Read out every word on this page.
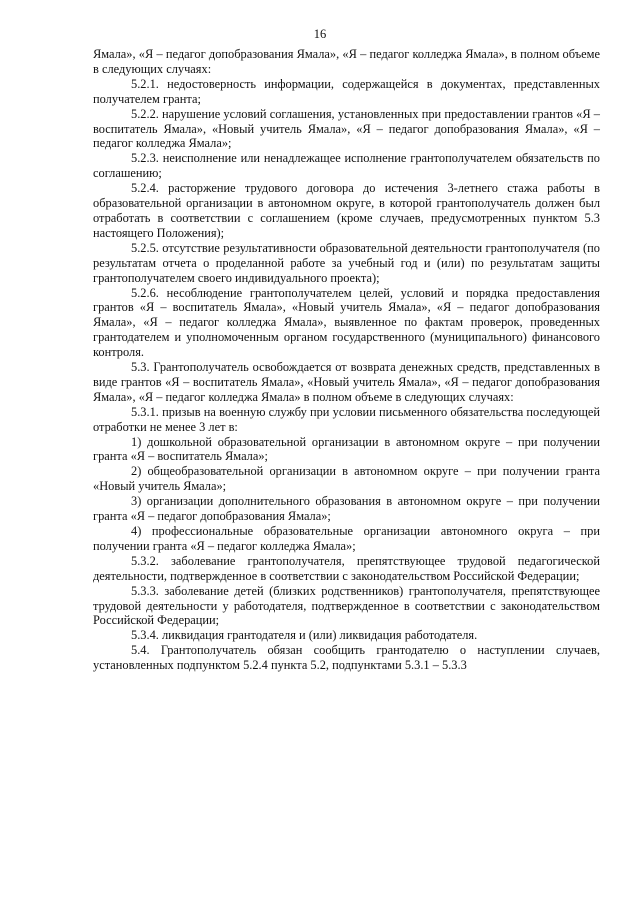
16

Ямала», «Я – педагог допобразования Ямала», «Я – педагог колледжа Ямала», в полном объеме в следующих случаях:

5.2.1. недостоверность информации, содержащейся в документах, представленных получателем гранта;

5.2.2. нарушение условий соглашения, установленных при предоставлении грантов «Я – воспитатель Ямала», «Новый учитель Ямала», «Я – педагог допобразования Ямала», «Я – педагог колледжа Ямала»;

5.2.3. неисполнение или ненадлежащее исполнение грантополучателем обязательств по соглашению;

5.2.4. расторжение трудового договора до истечения 3-летнего стажа работы в образовательной организации в автономном округе, в которой грантополучатель должен был отработать в соответствии с соглашением (кроме случаев, предусмотренных пунктом 5.3 настоящего Положения);

5.2.5. отсутствие результативности образовательной деятельности грантополучателя (по результатам отчета о проделанной работе за учебный год и (или) по результатам защиты грантополучателем своего индивидуального проекта);

5.2.6. несоблюдение грантополучателем целей, условий и порядка предоставления грантов «Я – воспитатель Ямала», «Новый учитель Ямала», «Я – педагог допобразования Ямала», «Я – педагог колледжа Ямала», выявленное по фактам проверок, проведенных грантодателем и уполномоченным органом государственного (муниципального) финансового контроля.

5.3. Грантополучатель освобождается от возврата денежных средств, представленных в виде грантов «Я – воспитатель Ямала», «Новый учитель Ямала», «Я – педагог допобразования Ямала», «Я – педагог колледжа Ямала» в полном объеме в следующих случаях:

5.3.1. призыв на военную службу при условии письменного обязательства последующей отработки не менее 3 лет в:

1) дошкольной образовательной организации в автономном округе – при получении гранта «Я – воспитатель Ямала»;

2) общеобразовательной организации в автономном округе – при получении гранта «Новый учитель Ямала»;

3) организации дополнительного образования в автономном округе – при получении гранта «Я – педагог допобразования Ямала»;

4) профессиональные образовательные организации автономного округа – при получении гранта «Я – педагог колледжа Ямала»;

5.3.2. заболевание грантополучателя, препятствующее трудовой педагогической деятельности, подтвержденное в соответствии с законодательством Российской Федерации;

5.3.3. заболевание детей (близких родственников) грантополучателя, препятствующее трудовой деятельности у работодателя, подтвержденное в соответствии с законодательством Российской Федерации;

5.3.4. ликвидация грантодателя и (или) ликвидация работодателя.

5.4. Грантополучатель обязан сообщить грантодателю о наступлении случаев, установленных подпунктом 5.2.4 пункта 5.2, подпунктами 5.3.1 – 5.3.3
